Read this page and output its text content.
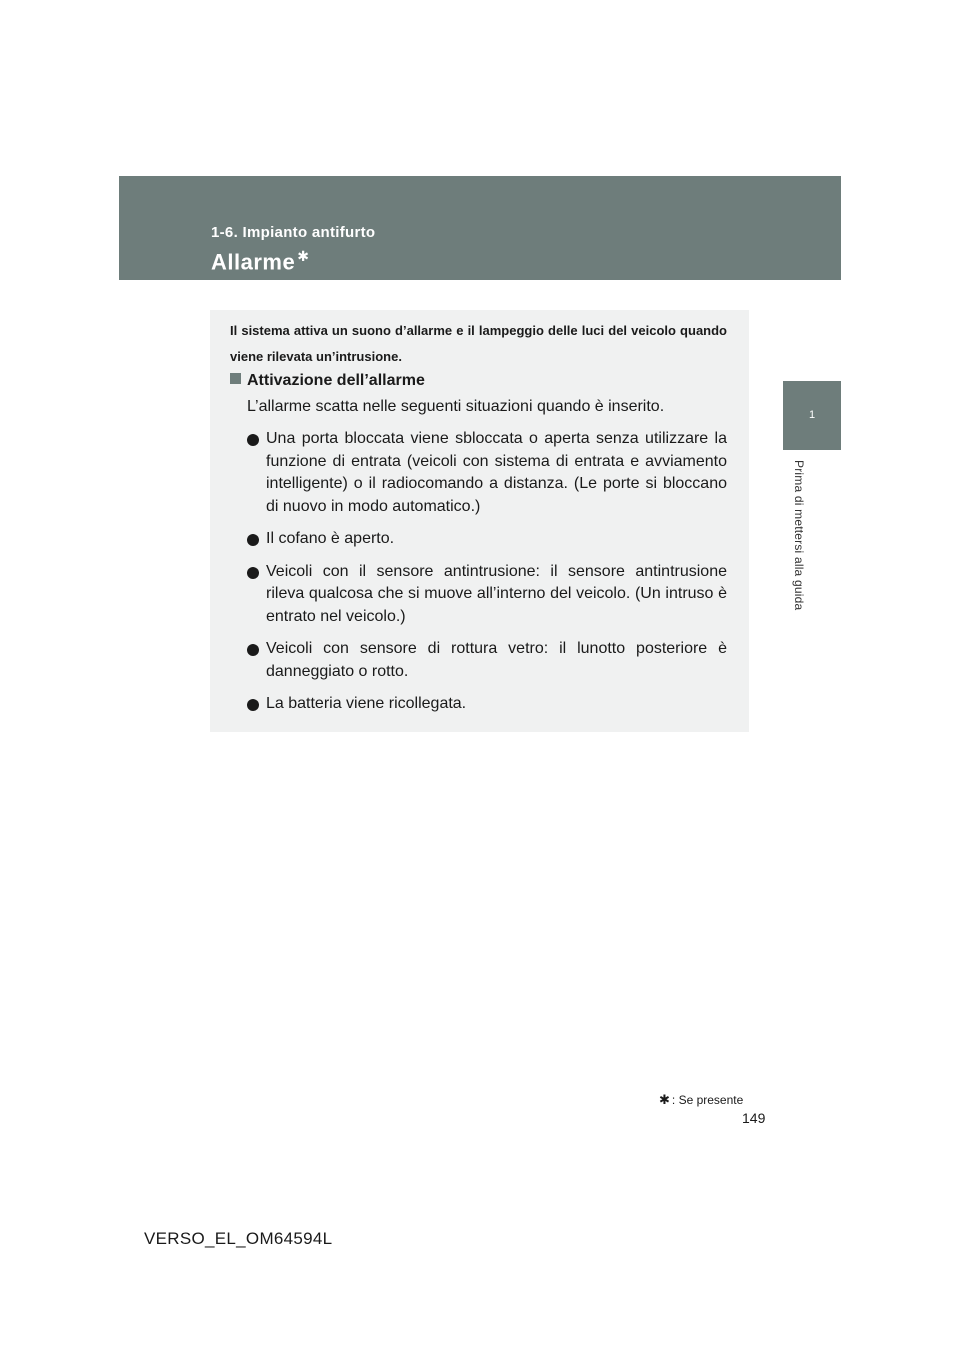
1-6. Impianto antifurto
Allarme ✱
1
Prima di mettersi alla guida
Il sistema attiva un suono d’allarme e il lampeggio delle luci del veicolo quando viene rilevata un’intrusione.
Attivazione dell’allarme
L’allarme scatta nelle seguenti situazioni quando è inserito.
Una porta bloccata viene sbloccata o aperta senza utilizzare la funzione di entrata (veicoli con sistema di entrata e avviamento intelligente) o il radiocomando a distanza. (Le porte si bloccano di nuovo in modo automatico.)
Il cofano è aperto.
Veicoli con il sensore antintrusione: il sensore antintrusione rileva qualcosa che si muove all’interno del veicolo. (Un intruso è entrato nel veicolo.)
Veicoli con sensore di rottura vetro: il lunotto posteriore è danneggiato o rotto.
La batteria viene ricollegata.
✱ : Se presente
149
VERSO_EL_OM64594L
